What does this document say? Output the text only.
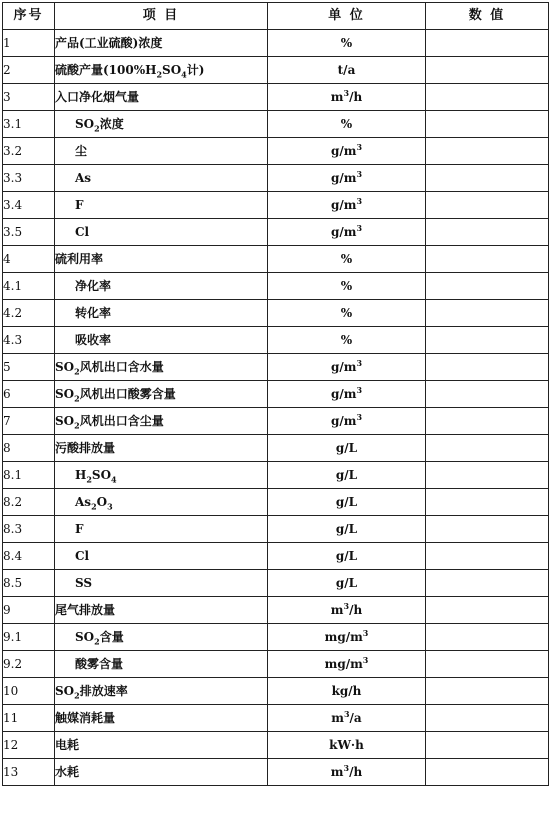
序号	项 目	单 位	数 值
1	产品(工业硫酸)浓度	%	
2	硫酸产量($100\%H_2SO_4$计)	t/a	
3	入口净化烟气量	$m^3/h$	
3.1	$SO_2$浓度	%	
3.2	尘	$g/m^3$	
3.3	As	$g/m^3$	
3.4	F	$g/m^3$	
3.5	Cl	$g/m^3$	
4	硫利用率	%	
4.1	净化率	%	
4.2	转化率	%	
4.3	吸收率	%	
5	$SO_2$风机出口含水量	$g/m^3$	
6	$SO_2$风机出口酸雾含量	$g/m^3$	
7	$SO_2$风机出口含尘量	$g/m^3$	
8	污酸排放量	g/L	
8.1	$H_2SO_4$	g/L	
8.2	$As_2O_3$	g/L	
8.3	F	g/L	
8.4	Cl	g/L	
8.5	SS	g/L	
9	尾气排放量	$m^3/h$	
9.1	$SO_2$含量	$mg/m^3$	
9.2	酸雾含量	$mg/m^3$	
10	$SO_2$排放速率	kg/h	
11	触媒消耗量	$m^3/a$	
12	电耗	kW·h	
13	水耗	$m^3/h$	
